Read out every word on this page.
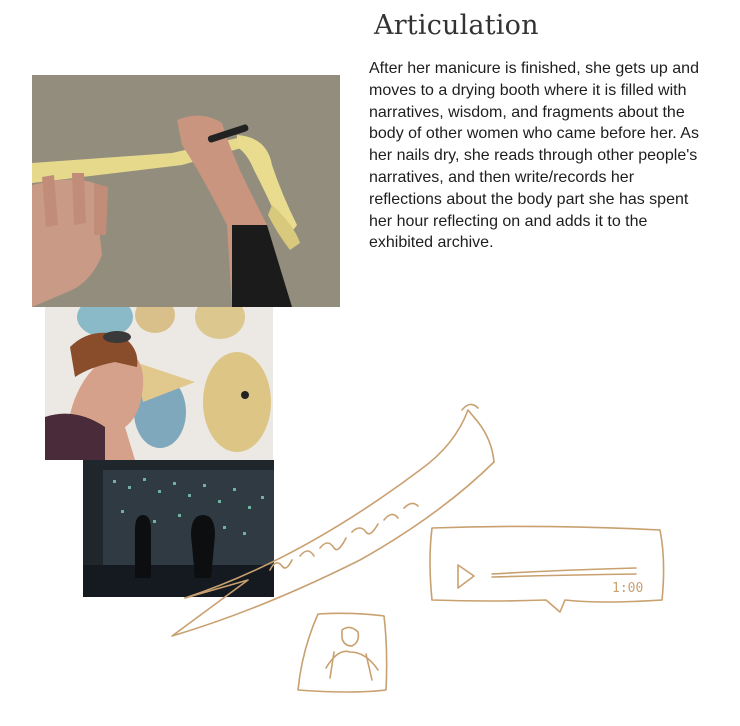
Articulation

After her manicure is finished, she gets up and moves to a drying booth where it is filled with narratives, wisdom, and fragments about the body of other women who came before her. As her nails dry, she reads through other people's narratives, and then write/records her reflections about the body part she has spent her hour reflecting on and adds it to the exhibited archive.

1:00
